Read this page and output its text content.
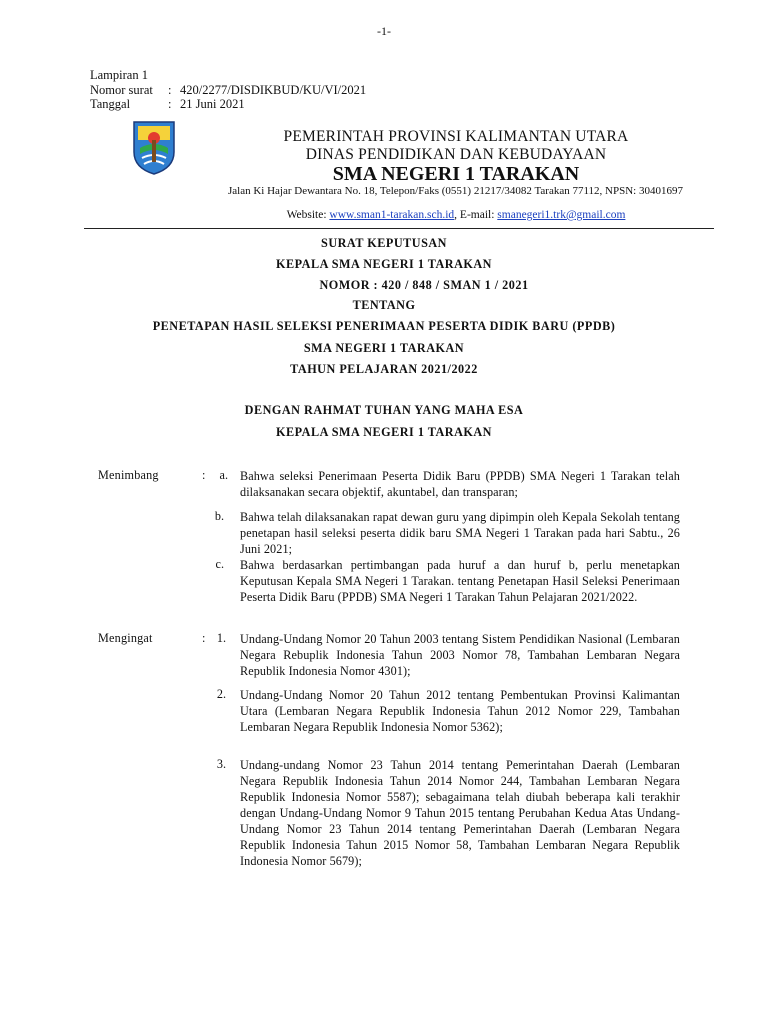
-1-
Lampiran 1
Nomor surat : 420/2277/DISDIKBUD/KU/VI/2021
Tanggal	: 21 Juni 2021
PEMERINTAH PROVINSI KALIMANTAN UTARA
DINAS PENDIDIKAN DAN KEBUDAYAAN
SMA NEGERI 1 TARAKAN
Jalan Ki Hajar Dewantara No. 18, Telepon/Faks (0551) 21217/34082 Tarakan 77112, NPSN: 30401697
Website: www.sman1-tarakan.sch.id, E-mail: smanegeri1.trk@gmail.com
SURAT KEPUTUSAN
KEPALA SMA NEGERI 1 TARAKAN
NOMOR : 420 / 848 / SMAN 1 / 2021
TENTANG
PENETAPAN HASIL SELEKSI PENERIMAAN PESERTA DIDIK BARU (PPDB)
SMA NEGERI 1 TARAKAN
TAHUN PELAJARAN 2021/2022
DENGAN RAHMAT TUHAN YANG MAHA ESA
KEPALA SMA NEGERI 1 TARAKAN
Menimbang	:	a. Bahwa seleksi Penerimaan Peserta Didik Baru (PPDB) SMA Negeri 1 Tarakan telah dilaksanakan secara objektif, akuntabel, dan transparan;
b. Bahwa telah dilaksanakan rapat dewan guru yang dipimpin oleh Kepala Sekolah tentang penetapan hasil seleksi peserta didik baru SMA Negeri 1 Tarakan pada hari Sabtu., 26 Juni 2021;
c. Bahwa berdasarkan pertimbangan pada huruf a dan huruf b, perlu menetapkan Keputusan Kepala SMA Negeri 1 Tarakan. tentang Penetapan Hasil Seleksi Penerimaan Peserta Didik Baru (PPDB) SMA Negeri 1 Tarakan Tahun Pelajaran 2021/2022.
Mengingat	: 1. Undang-Undang Nomor 20 Tahun 2003 tentang Sistem Pendidikan Nasional (Lembaran Negara Rebuplik Indonesia Tahun 2003 Nomor 78, Tambahan Lembaran Negara Republik Indonesia Nomor 4301);
2. Undang-Undang Nomor 20 Tahun 2012 tentang Pembentukan Provinsi Kalimantan Utara (Lembaran Negara Republik Indonesia Tahun 2012 Nomor 229, Tambahan Lembaran Negara Republik Indonesia Nomor 5362);
3. Undang-undang Nomor 23 Tahun 2014 tentang Pemerintahan Daerah (Lembaran Negara Republik Indonesia Tahun 2014 Nomor 244, Tambahan Lembaran Negara Republik Indonesia Nomor 5587); sebagaimana telah diubah beberapa kali terakhir dengan Undang-Undang Nomor 9 Tahun 2015 tentang Perubahan Kedua Atas Undang-Undang Nomor 23 Tahun 2014 tentang Pemerintahan Daerah (Lembaran Negara Republik Indonesia Tahun 2015 Nomor 58, Tambahan Lembaran Negara Republik Indonesia Nomor 5679);
